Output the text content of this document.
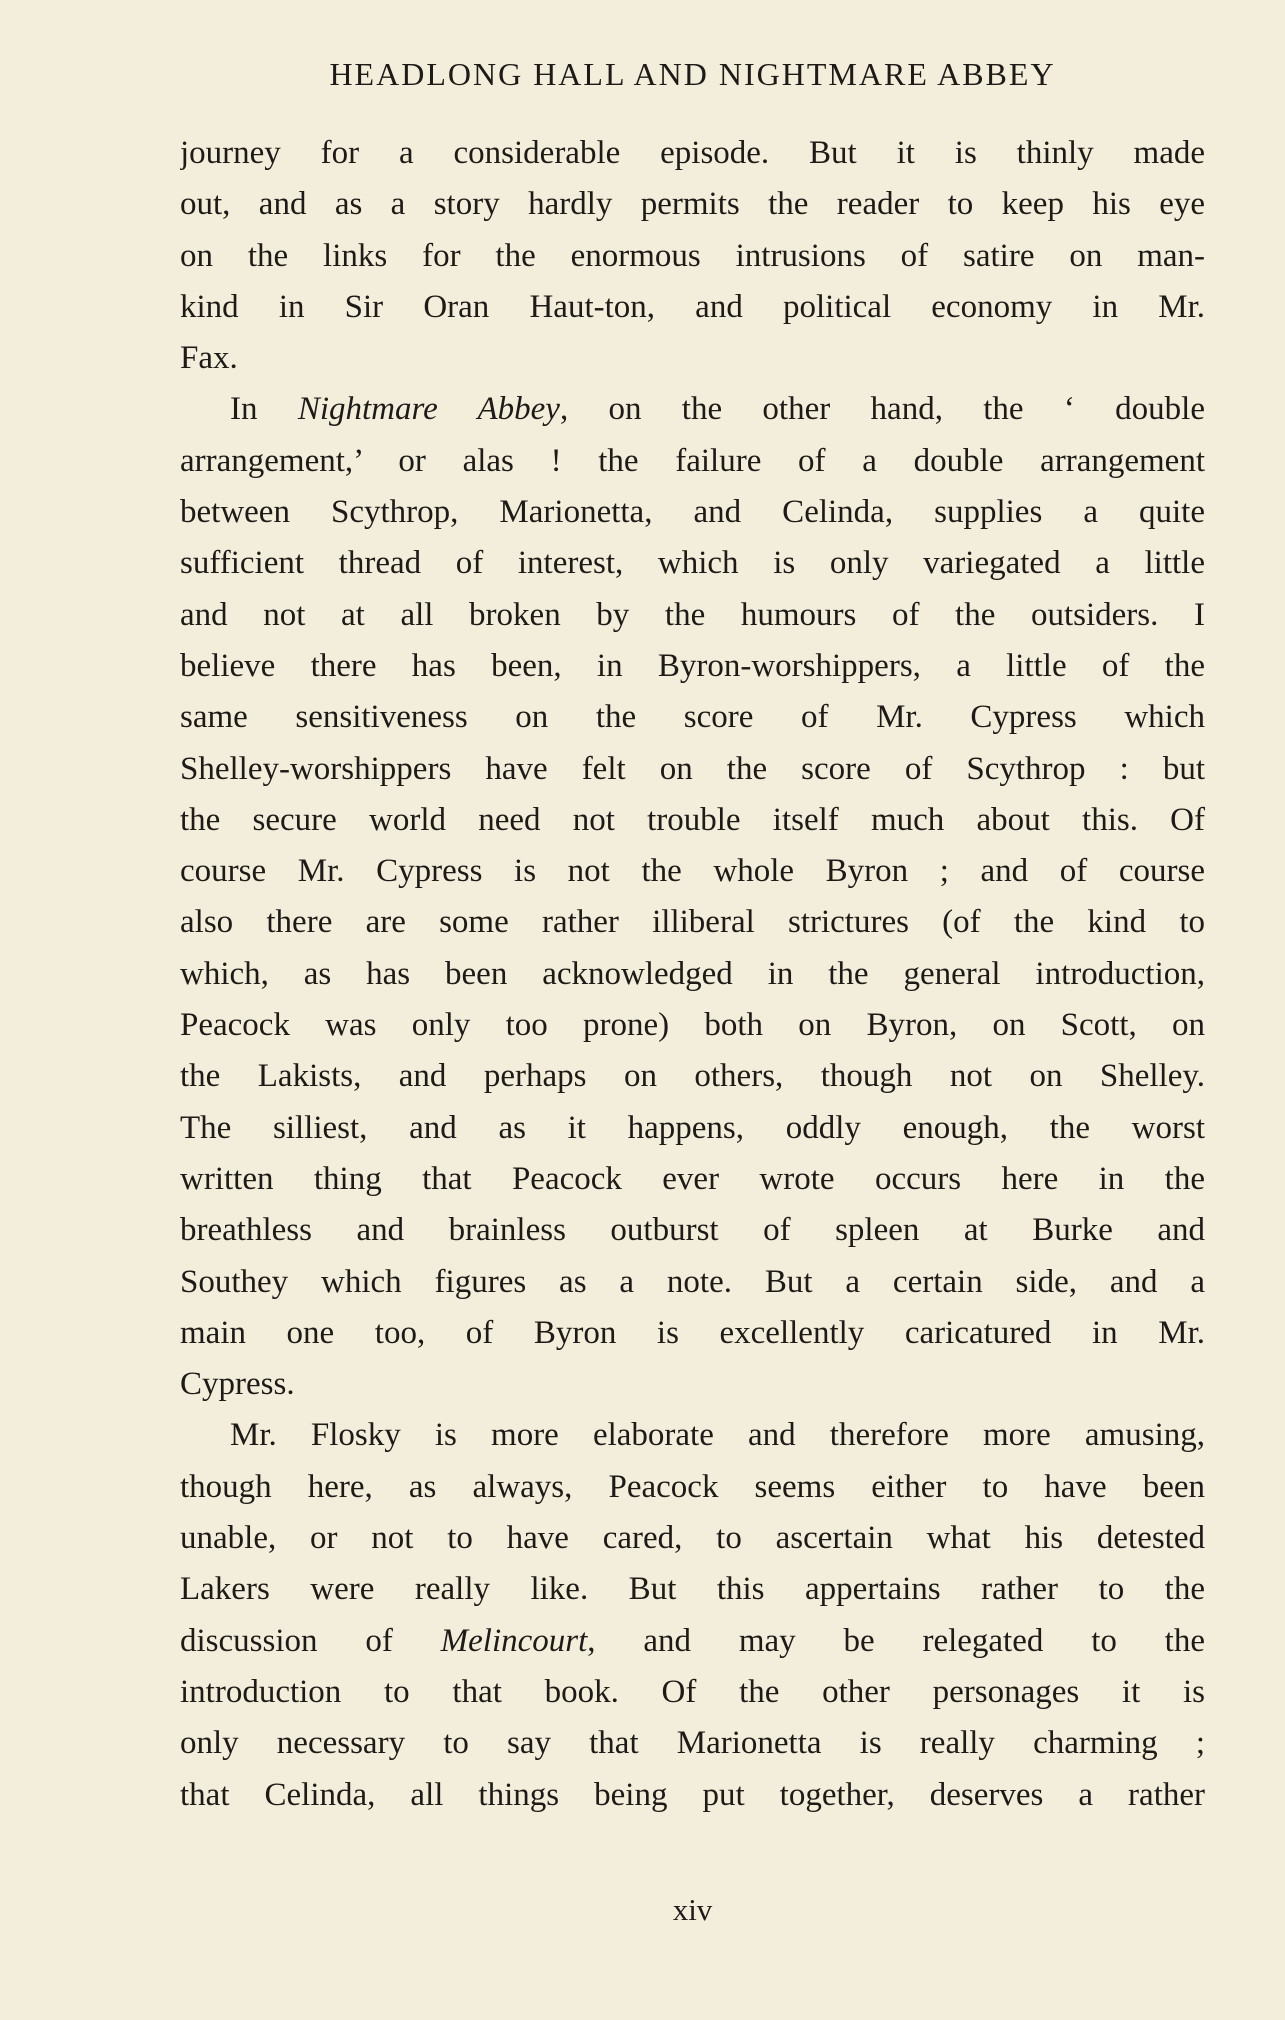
HEADLONG HALL AND NIGHTMARE ABBEY
journey for a considerable episode. But it is thinly made
out, and as a story hardly permits the reader to keep his eye
on the links for the enormous intrusions of satire on man-
kind in Sir Oran Haut-ton, and political economy in Mr.
Fax.
In Nightmare Abbey, on the other hand, the ‘ double
arrangement,’ or alas ! the failure of a double arrangement
between Scythrop, Marionetta, and Celinda, supplies a quite
sufficient thread of interest, which is only variegated a little
and not at all broken by the humours of the outsiders. I
believe there has been, in Byron-worshippers, a little of the
same sensitiveness on the score of Mr. Cypress which
Shelley-worshippers have felt on the score of Scythrop : but
the secure world need not trouble itself much about this. Of
course Mr. Cypress is not the whole Byron ; and of course
also there are some rather illiberal strictures (of the kind to
which, as has been acknowledged in the general introduction,
Peacock was only too prone) both on Byron, on Scott, on
the Lakists, and perhaps on others, though not on Shelley.
The silliest, and as it happens, oddly enough, the worst
written thing that Peacock ever wrote occurs here in the
breathless and brainless outburst of spleen at Burke and
Southey which figures as a note. But a certain side, and a
main one too, of Byron is excellently caricatured in Mr.
Cypress.
Mr. Flosky is more elaborate and therefore more amusing,
though here, as always, Peacock seems either to have been
unable, or not to have cared, to ascertain what his detested
Lakers were really like. But this appertains rather to the
discussion of Melincourt, and may be relegated to the
introduction to that book. Of the other personages it is
only necessary to say that Marionetta is really charming ;
that Celinda, all things being put together, deserves a rather
xiv
